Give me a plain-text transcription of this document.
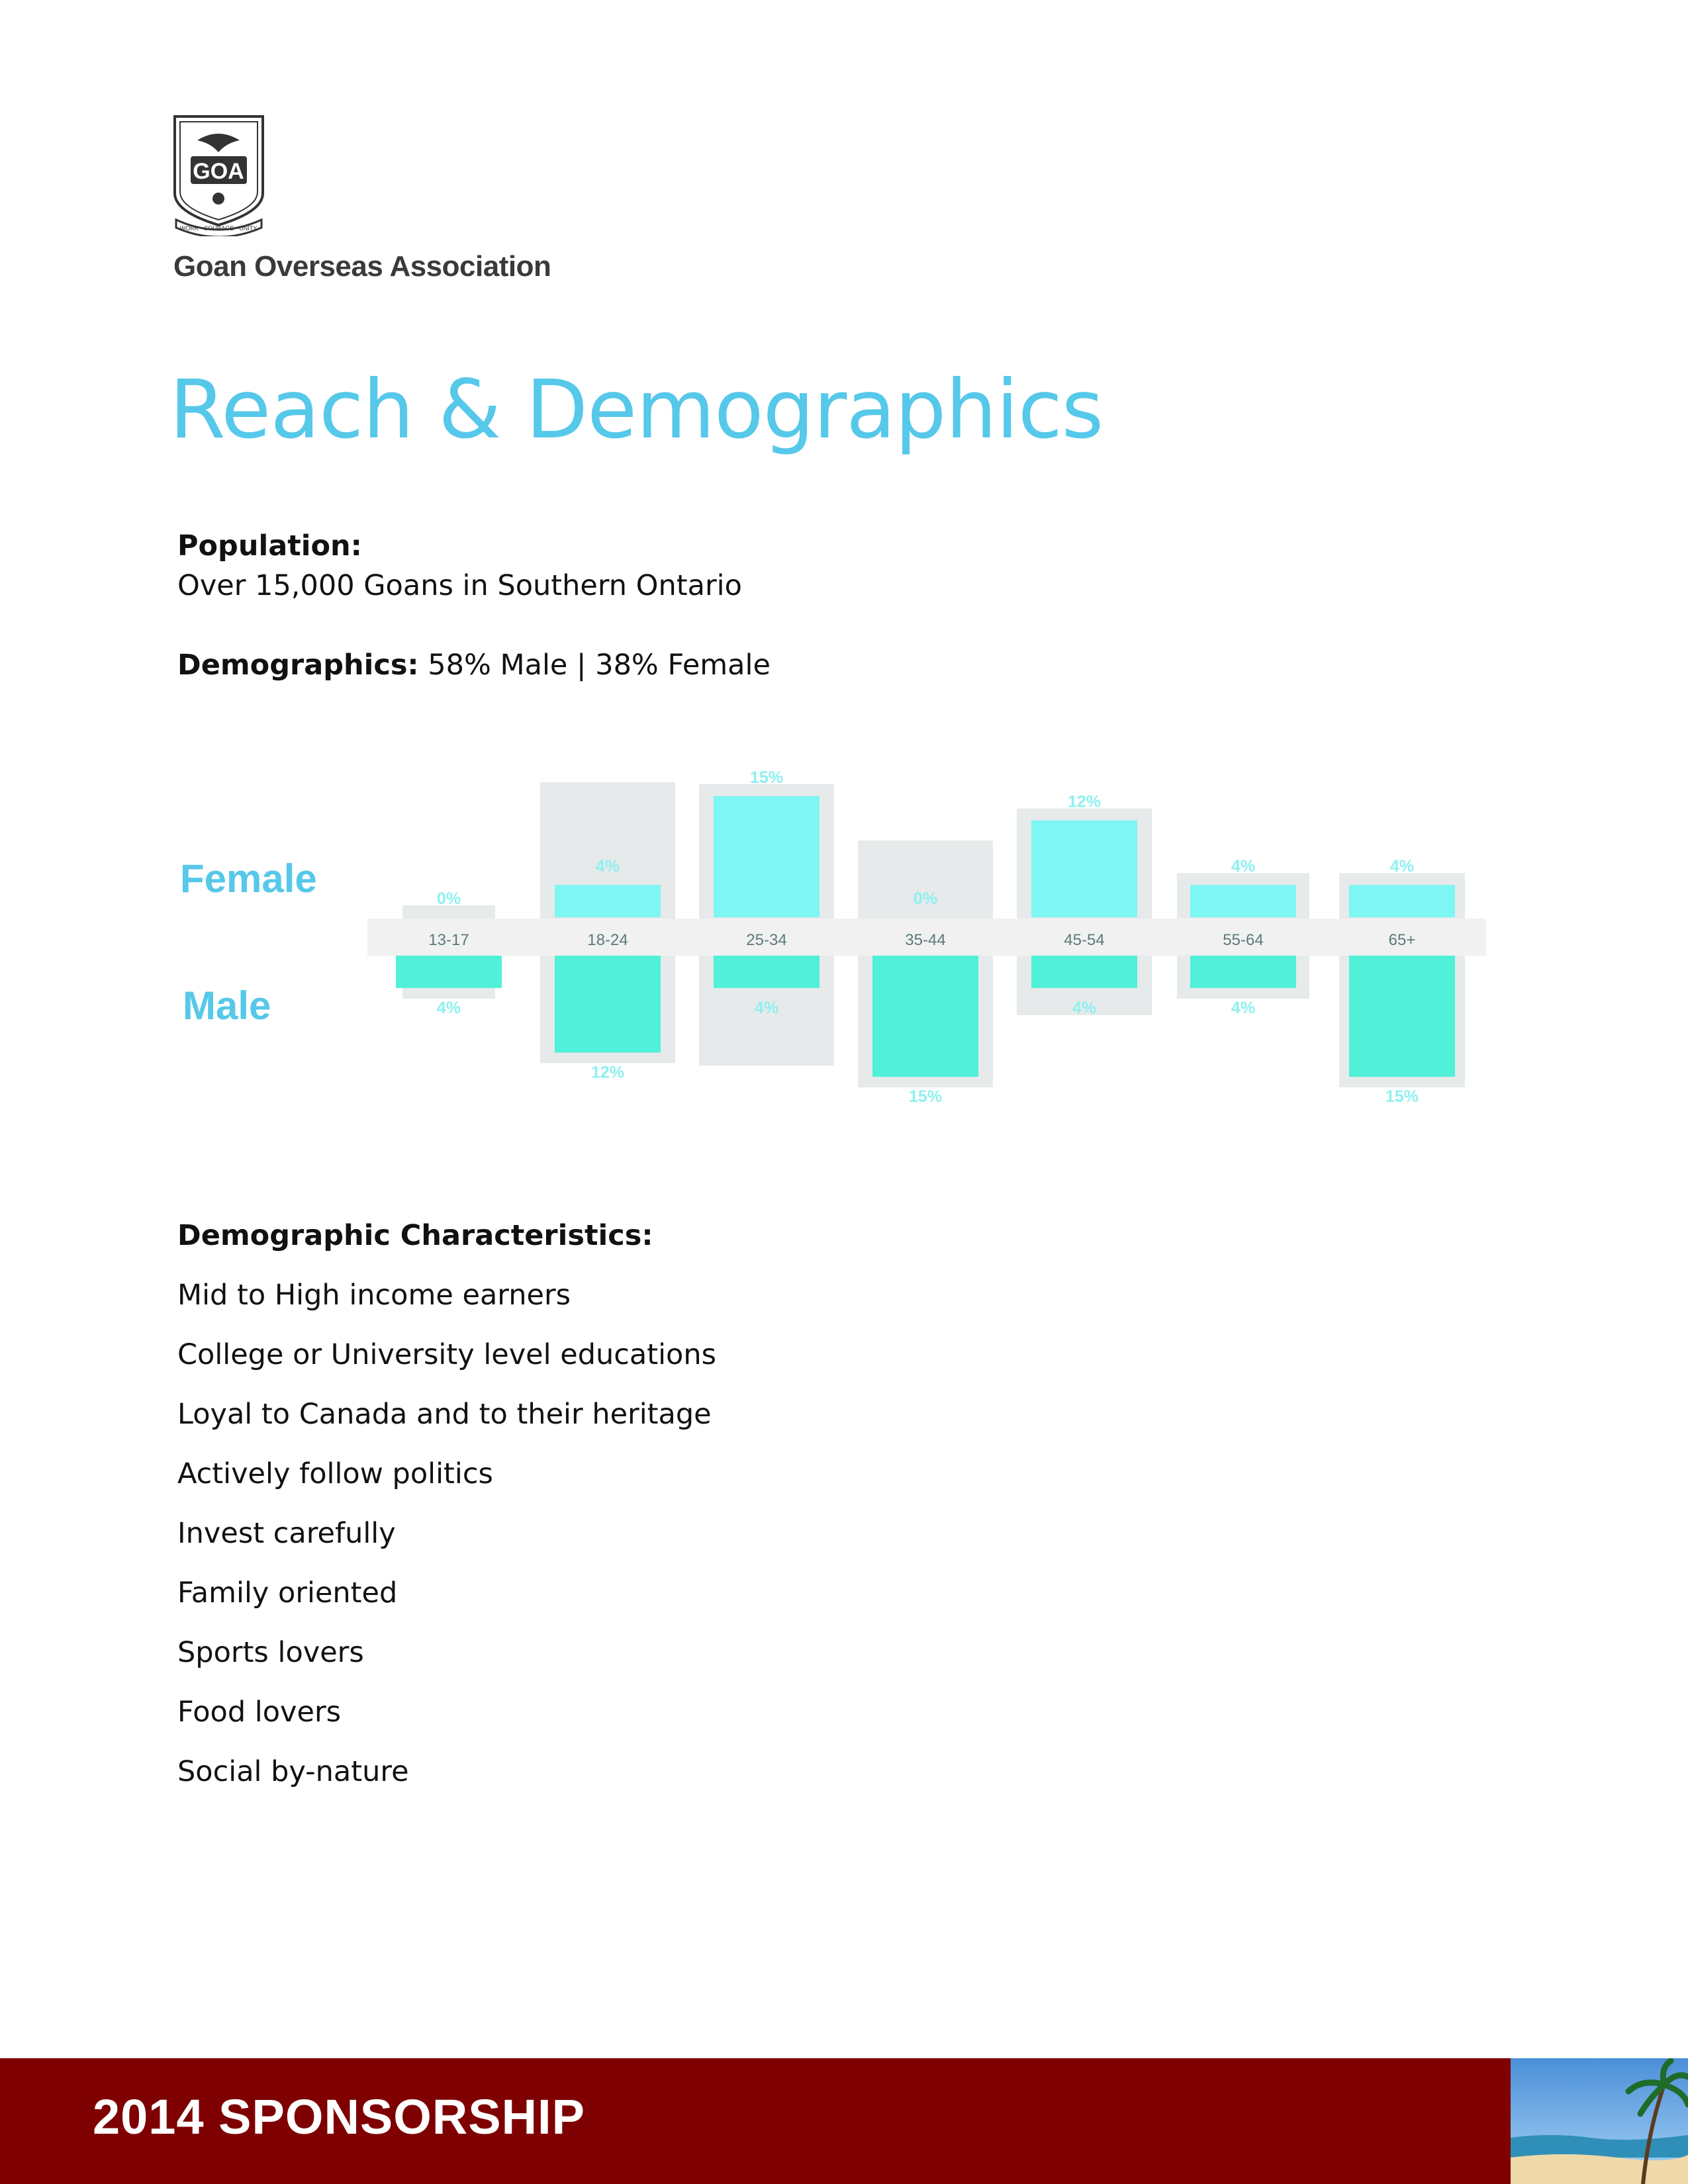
GOA
WORK · COURAGE · UNITY
Goan Overseas Association
Reach & Demographics
Population:
Over 15,000 Goans in Southern Ontario
Demographics: 58% Male | 38% Female
13-17
0%
4%
18-24
4%
12%
25-34
15%
4%
35-44
0%
15%
45-54
12%
4%
55-64
4%
4%
65+
4%
15%
Female
Male
Demographic Characteristics:
Mid to High income earners
College or University level educations
Loyal to Canada and to their heritage
Actively follow politics
Invest carefully
Family oriented
Sports lovers
Food lovers
Social by-nature
2014 SPONSORSHIP
